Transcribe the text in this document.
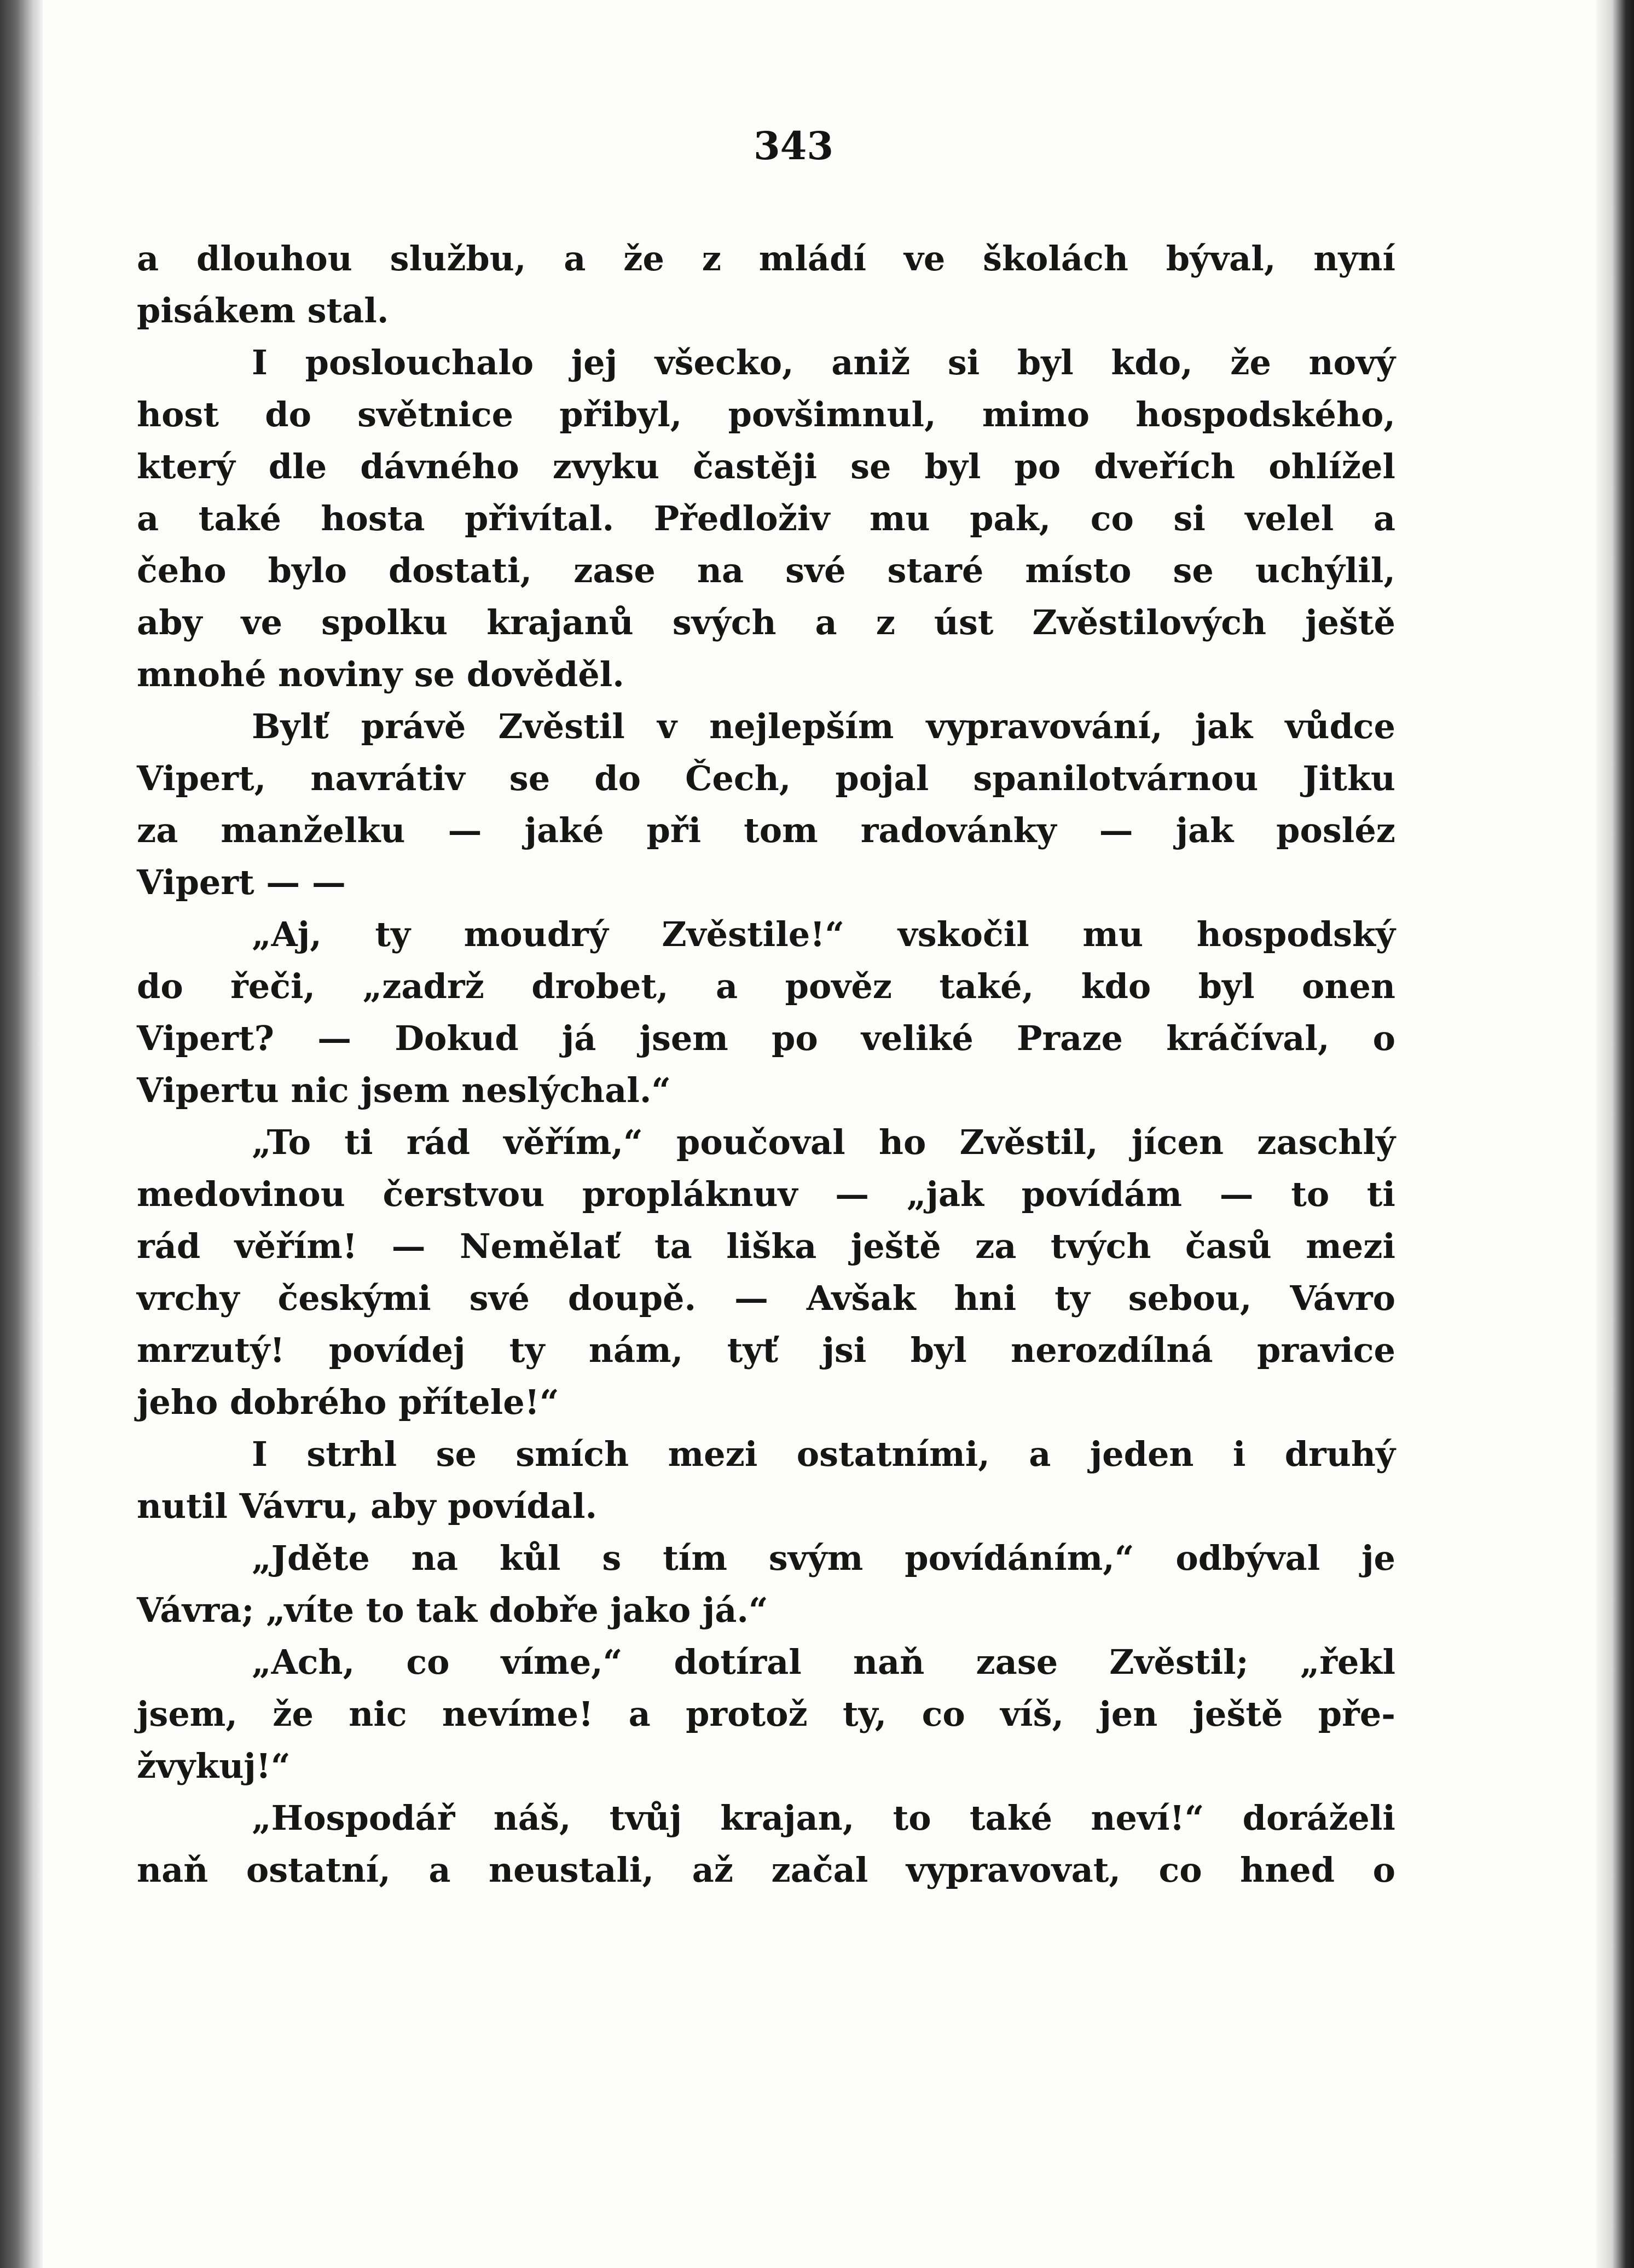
343
a dlouhou službu, a že z mládí ve školách býval, nyní
pisákem stal.
I poslouchalo jej všecko, aniž si byl kdo, že nový
host do světnice přibyl, povšimnul, mimo hospodského,
který dle dávného zvyku častěji se byl po dveřích ohlížel
a také hosta přivítal. Předloživ mu pak, co si velel a
čeho bylo dostati, zase na své staré místo se uchýlil,
aby ve spolku krajanů svých a z úst Zvěstilových ještě
mnohé noviny se dověděl.
Bylť právě Zvěstil v nejlepším vypravování, jak vůdce
Vipert, navrátiv se do Čech, pojal spanilotvárnou Jitku
za manželku — jaké při tom radovánky — jak posléz
Vipert — —
„Aj, ty moudrý Zvěstile!“ vskočil mu hospodský
do řeči, „zadrž drobet, a pověz také, kdo byl onen
Vipert? — Dokud já jsem po veliké Praze kráčíval, o
Vipertu nic jsem neslýchal.“
„To ti rád věřím,“ poučoval ho Zvěstil, jícen zaschlý
medovinou čerstvou propláknuv — „jak povídám — to ti
rád věřím! — Nemělať ta liška ještě za tvých časů mezi
vrchy českými své doupě. — Avšak hni ty sebou, Vávro
mrzutý! povídej ty nám, tyť jsi byl nerozdílná pravice
jeho dobrého přítele!“
I strhl se smích mezi ostatními, a jeden i druhý
nutil Vávru, aby povídal.
„Jděte na kůl s tím svým povídáním,“ odbýval je
Vávra; „víte to tak dobře jako já.“
„Ach, co víme,“ dotíral naň zase Zvěstil; „řekl
jsem, že nic nevíme! a protož ty, co víš, jen ještě pře-
žvykuj!“
„Hospodář náš, tvůj krajan, to také neví!“ doráželi
naň ostatní, a neustali, až začal vypravovat, co hned o
